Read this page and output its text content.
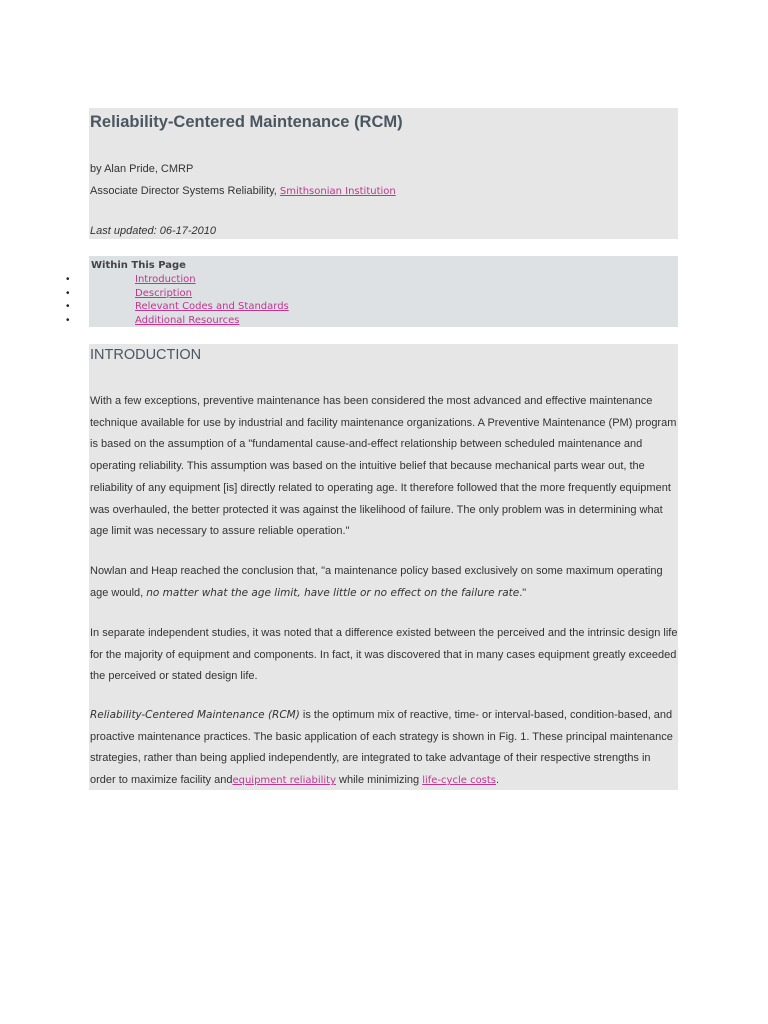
Reliability-Centered Maintenance (RCM)
by Alan Pride, CMRP
Associate Director Systems Reliability, Smithsonian Institution
Last updated: 06-17-2010
Within This Page
•	Introduction
•	Description
•	Relevant Codes and Standards
•	Additional Resources
INTRODUCTION

With a few exceptions, preventive maintenance has been considered the most advanced and effective maintenance technique available for use by industrial and facility maintenance organizations. A Preventive Maintenance (PM) program is based on the assumption of a "fundamental cause-and-effect relationship between scheduled maintenance and operating reliability. This assumption was based on the intuitive belief that because mechanical parts wear out, the reliability of any equipment [is] directly related to operating age. It therefore followed that the more frequently equipment was overhauled, the better protected it was against the likelihood of failure. The only problem was in determining what age limit was necessary to assure reliable operation."

Nowlan and Heap reached the conclusion that, "a maintenance policy based exclusively on some maximum operating age would, no matter what the age limit, have little or no effect on the failure rate."

In separate independent studies, it was noted that a difference existed between the perceived and the intrinsic design life for the majority of equipment and components. In fact, it was discovered that in many cases equipment greatly exceeded the perceived or stated design life.

Reliability-Centered Maintenance (RCM) is the optimum mix of reactive, time- or interval-based, condition-based, and proactive maintenance practices. The basic application of each strategy is shown in Fig. 1. These principal maintenance strategies, rather than being applied independently, are integrated to take advantage of their respective strengths in order to maximize facility andequipment reliability while minimizing life-cycle costs.
